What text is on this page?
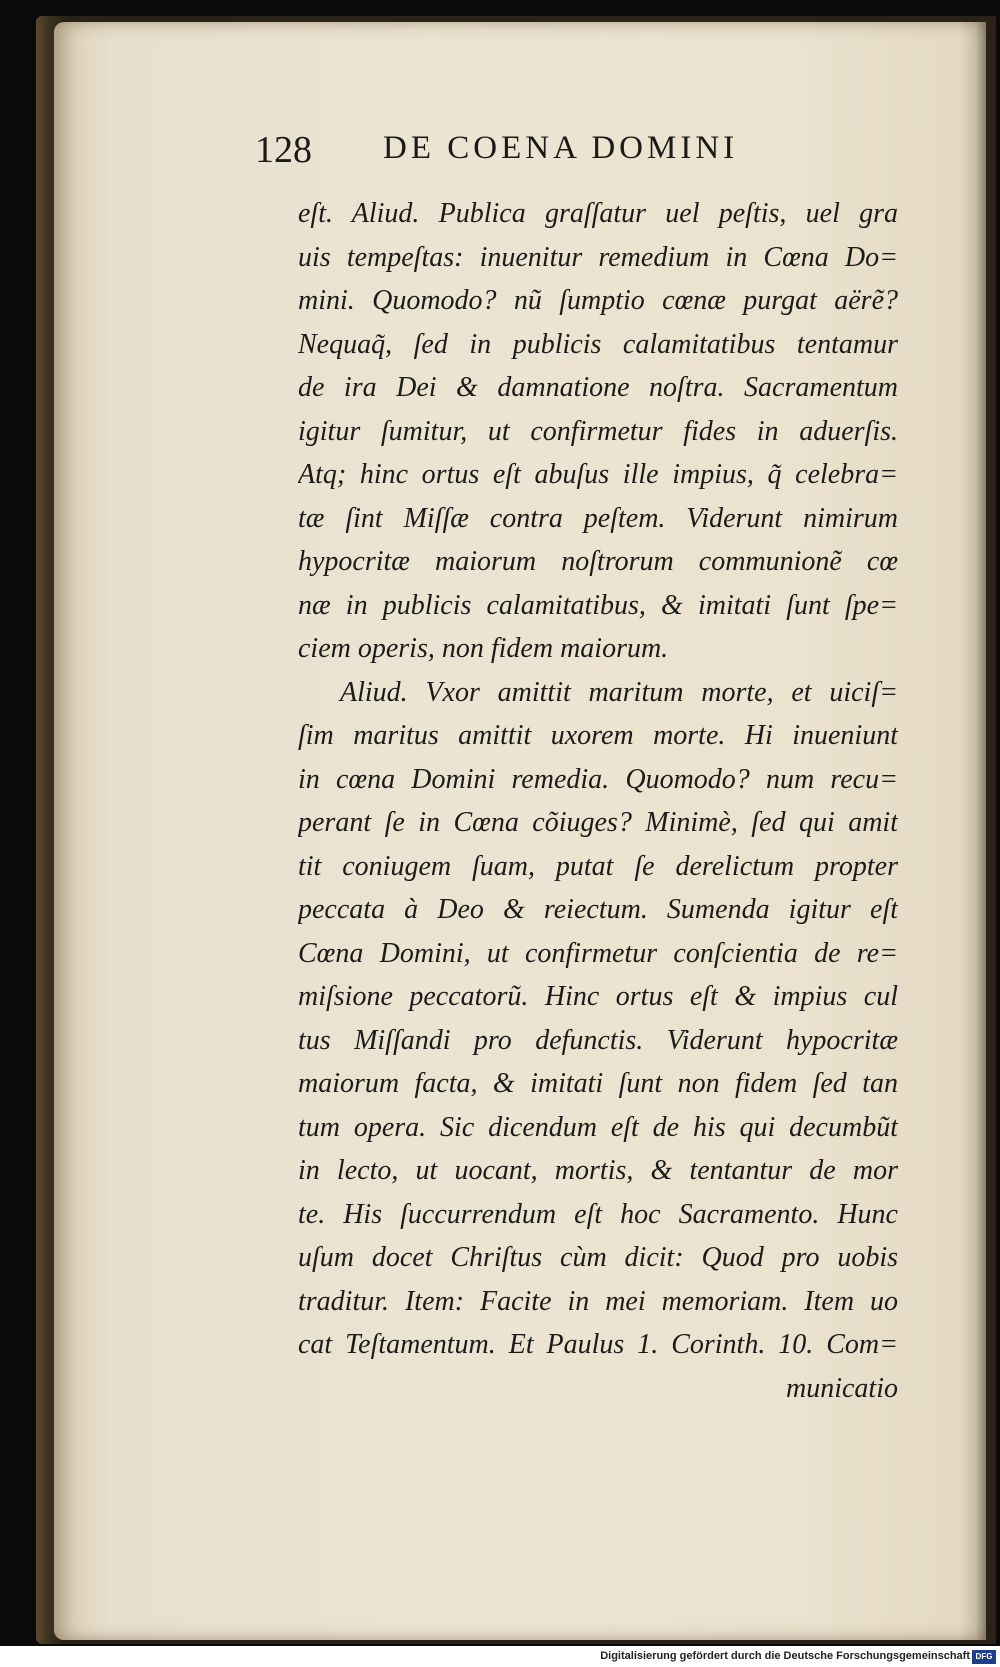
128 DE COENA DOMINI
eſt. Aliud. Publica graſſatur uel peſtis, uel gra
uis tempeſtas: inuenitur remedium in Cœna Do=
mini. Quomodo? nũ ſumptio cœnæ purgat aërẽ?
Nequaq̃, ſed in publicis calamitatibus tentamur
de ira Dei & damnatione noſtra. Sacramentum
igitur ſumitur, ut confirmetur fides in aduerſis.
Atq; hinc ortus eſt abuſus ille impius, q̃ celebra=
tæ ſint Miſſæ contra peſtem. Viderunt nimirum
hypocritæ maiorum noſtrorum communionẽ cœ
næ in publicis calamitatibus, & imitati ſunt ſpe=
ciem operis, non fidem maiorum.
Aliud. Vxor amittit maritum morte, et uiciſ=
ſim maritus amittit uxorem morte. Hi inueniunt
in cœna Domini remedia. Quomodo? num recu=
perant ſe in Cœna cõiuges? Minimè, ſed qui amit
tit coniugem ſuam, putat ſe derelictum propter
peccata à Deo & reiectum. Sumenda igitur eſt
Cœna Domini, ut confirmetur conſcientia de re=
miſsione peccatorũ. Hinc ortus eſt & impius cul
tus Miſſandi pro defunctis. Viderunt hypocritæ
maiorum facta, & imitati ſunt non fidem ſed tan
tum opera. Sic dicendum eſt de his qui decumbũt
in lecto, ut uocant, mortis, & tentantur de mor
te. His ſuccurrendum eſt hoc Sacramento. Hunc
uſum docet Chriſtus cùm dicit: Quod pro uobis
traditur. Item: Facite in mei memoriam. Item uo
cat Teſtamentum. Et Paulus 1. Corinth. 10. Com=
municatio
Digitalisierung gefördert durch die Deutsche Forschungsgemeinschaft DFG
